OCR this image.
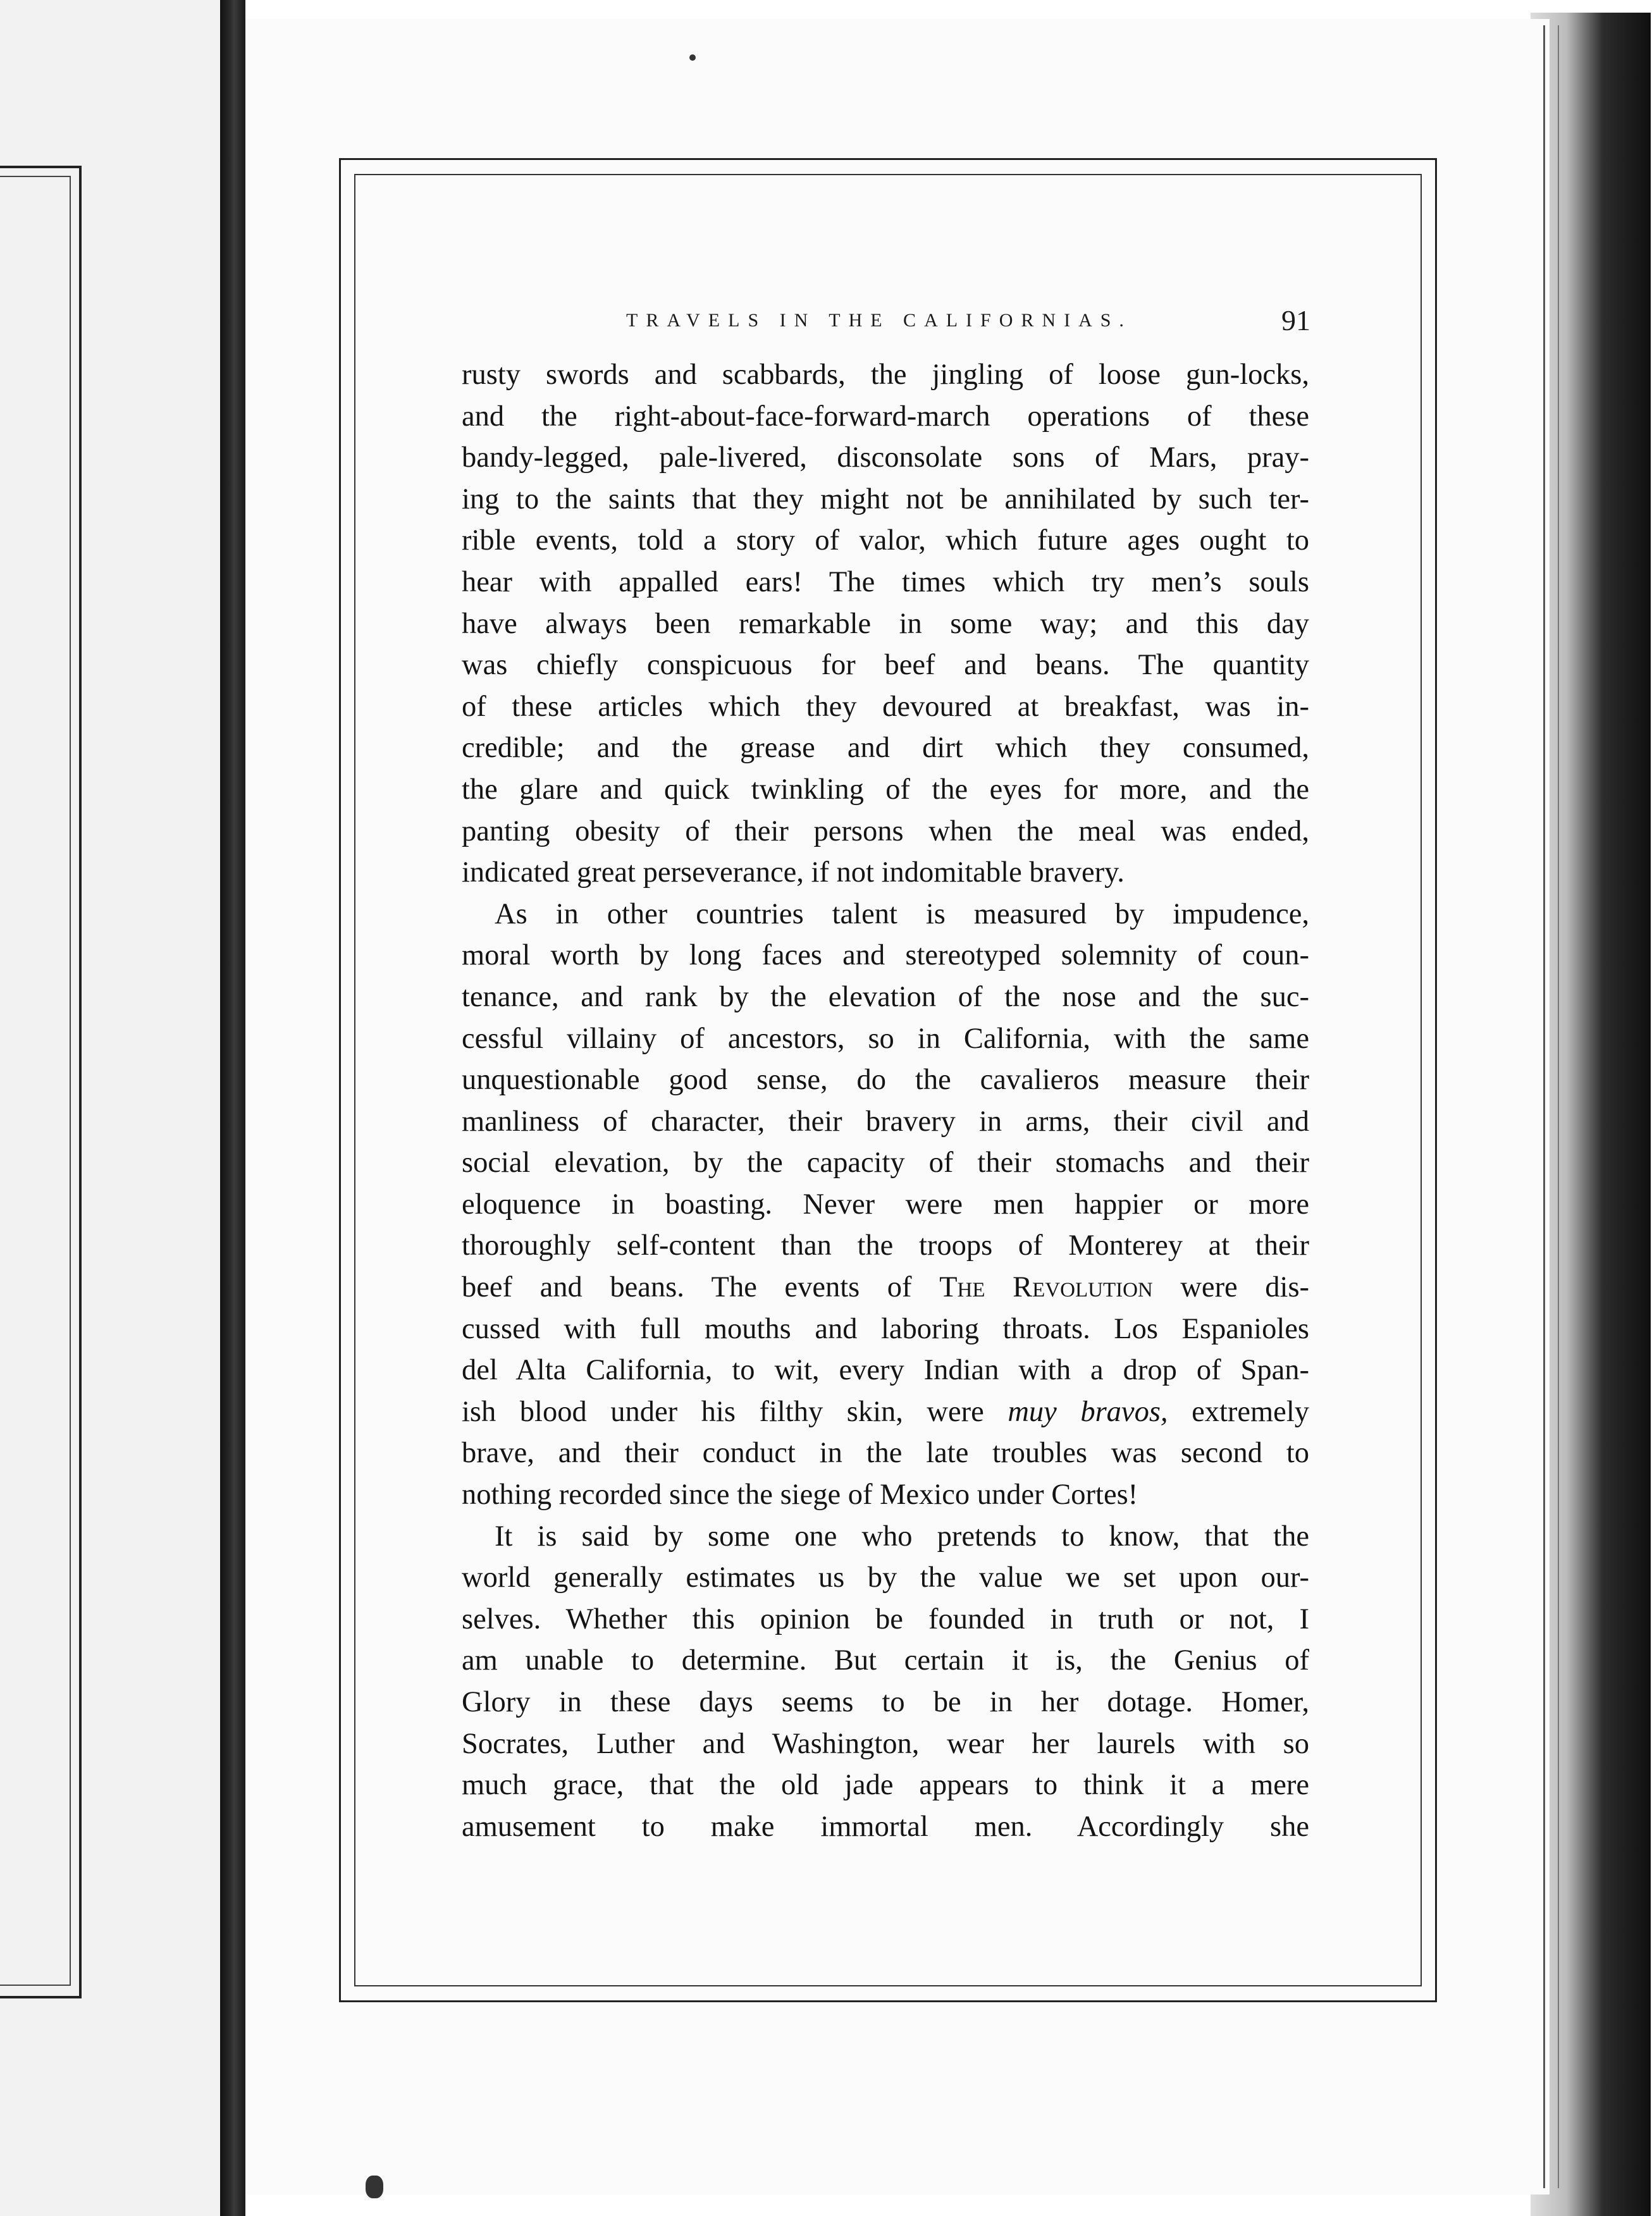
TRAVELS IN THE CALIFORNIAS.	91
rusty swords and scabbards, the jingling of loose gun-locks,
and the right-about-face-forward-march operations of these
bandy-legged, pale-livered, disconsolate sons of Mars, pray-
ing to the saints that they might not be annihilated by such ter-
rible events, told a story of valor, which future ages ought to
hear with appalled ears! The times which try men’s souls
have always been remarkable in some way; and this day
was chiefly conspicuous for beef and beans. The quantity
of these articles which they devoured at breakfast, was in-
credible; and the grease and dirt which they consumed,
the glare and quick twinkling of the eyes for more, and the
panting obesity of their persons when the meal was ended,
indicated great perseverance, if not indomitable bravery.
As in other countries talent is measured by impudence,
moral worth by long faces and stereotyped solemnity of coun-
tenance, and rank by the elevation of the nose and the suc-
cessful villainy of ancestors, so in California, with the same
unquestionable good sense, do the cavalieros measure their
manliness of character, their bravery in arms, their civil and
social elevation, by the capacity of their stomachs and their
eloquence in boasting. Never were men happier or more
thoroughly self-content than the troops of Monterey at their
beef and beans. The events of The Revolution were dis-
cussed with full mouths and laboring throats. Los Espanioles
del Alta California, to wit, every Indian with a drop of Span-
ish blood under his filthy skin, were muy bravos, extremely
brave, and their conduct in the late troubles was second to
nothing recorded since the siege of Mexico under Cortes!
It is said by some one who pretends to know, that the
world generally estimates us by the value we set upon our-
selves. Whether this opinion be founded in truth or not, I
am unable to determine. But certain it is, the Genius of
Glory in these days seems to be in her dotage. Homer,
Socrates, Luther and Washington, wear her laurels with so
much grace, that the old jade appears to think it a mere
amusement to make immortal men. Accordingly she
